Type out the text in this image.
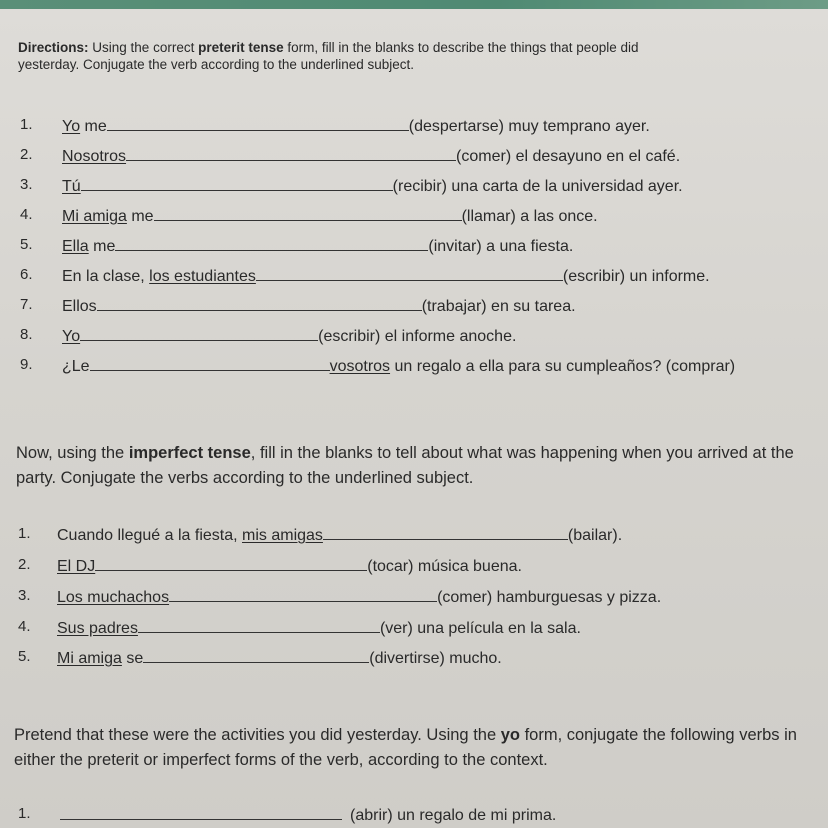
Directions: Using the correct preterit tense form, fill in the blanks to describe the things that people did
yesterday. Conjugate the verb according to the underlined subject.
1. Yo me	(despertarse) muy temprano ayer.
2. Nosotros	(comer) el desayuno en el café.
3. Tú	(recibir) una carta de la universidad ayer.
4. Mi amiga me	(llamar) a las once.
5. Ella me	(invitar) a una fiesta.
6. En la clase, los estudiantes	(escribir) un informe.
7. Ellos	(trabajar) en su tarea.
8. Yo	(escribir) el informe anoche.
9. ¿Le	vosotros un regalo a ella para su cumpleaños? (comprar)
Now, using the imperfect tense, fill in the blanks to tell about what was happening when you arrived at the party. Conjugate the verbs according to the underlined subject.
1. Cuando llegué a la fiesta, mis amigas	(bailar).
2. El DJ	(tocar) música buena.
3. Los muchachos	(comer) hamburguesas y pizza.
4. Sus padres	(ver) una película en la sala.
5. Mi amiga se	(divertirse) mucho.
Pretend that these were the activities you did yesterday. Using the yo form, conjugate the following verbs in either the preterit or imperfect forms of the verb, according to the context.
1.	(abrir) un regalo de mi prima.
